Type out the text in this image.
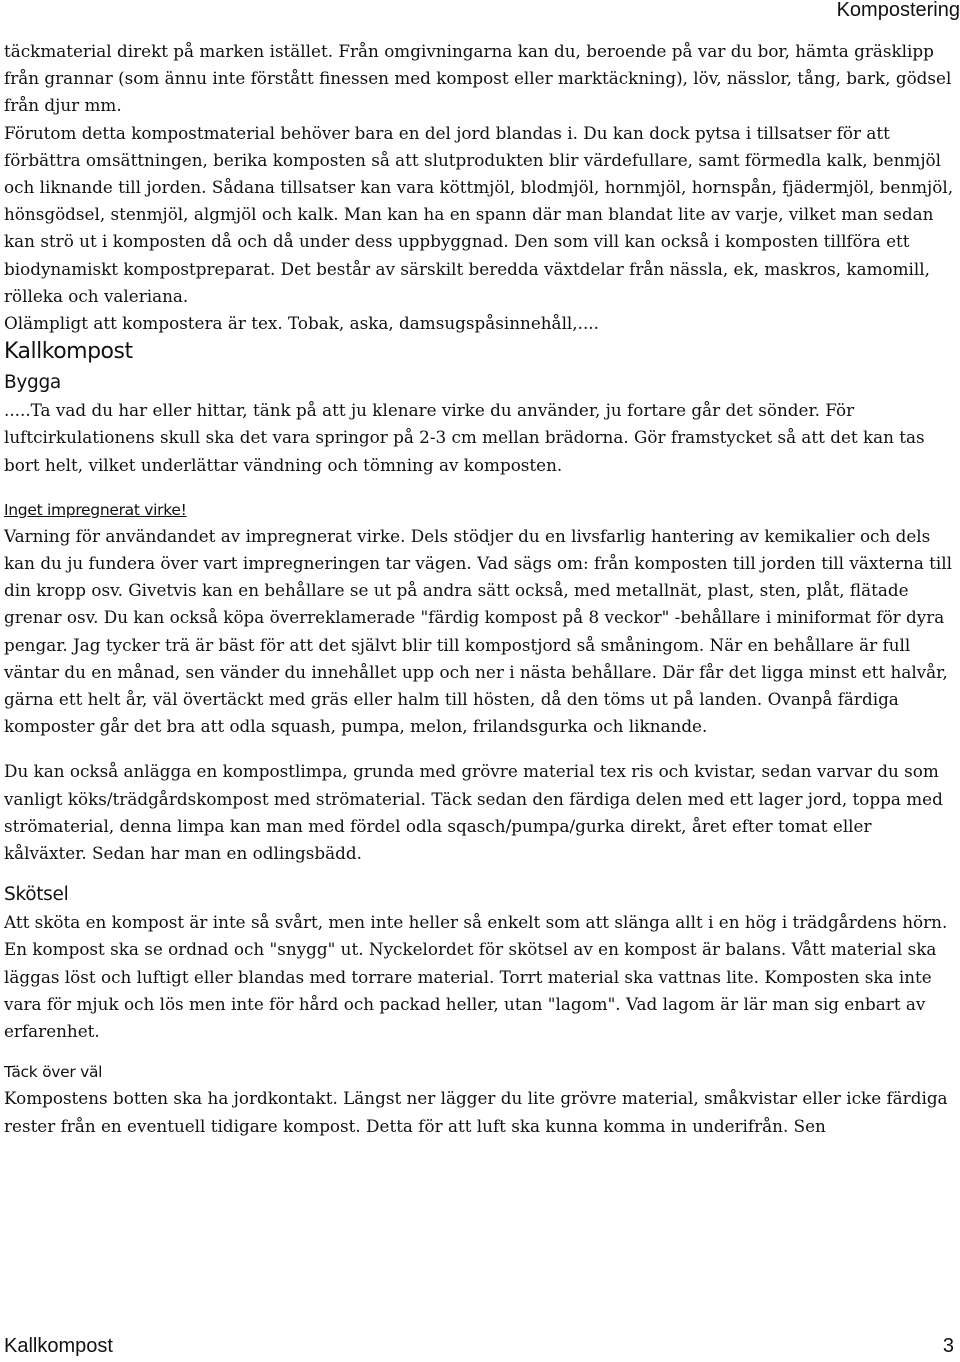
Kompostering

täckmaterial direkt på marken istället. Från omgivningarna kan du, beroende på var du bor, hämta gräsklipp från grannar (som ännu inte förstått finessen med kompost eller marktäckning), löv, nässlor, tång, bark, gödsel från djur mm.

Förutom detta kompostmaterial behöver bara en del jord blandas i. Du kan dock pytsa i tillsatser för att förbättra omsättningen, berika komposten så att slutprodukten blir värdefullare, samt förmedla kalk, benmjöl och liknande till jorden. Sådana tillsatser kan vara köttmjöl, blodmjöl, hornmjöl, hornspån, fjädermjöl, benmjöl, hönsgödsel, stenmjöl, algmjöl och kalk. Man kan ha en spann där man blandat lite av varje, vilket man sedan kan strö ut i komposten då och då under dess uppbyggnad. Den som vill kan också i komposten tillföra ett biodynamiskt kompostpreparat. Det består av särskilt beredda växtdelar från nässla, ek, maskros, kamomill, rölleka och valeriana.

Olämpligt att kompostera är tex. Tobak, aska, damsugspåsinnehåll,....

Kallkompost

Bygga

.....Ta vad du har eller hittar, tänk på att ju klenare virke du använder, ju fortare går det sönder. För luftcirkulationens skull ska det vara springor på 2-3 cm mellan brädorna. Gör framstycket så att det kan tas bort helt, vilket underlättar vändning och tömning av komposten.

Inget impregnerat virke!

Varning för användandet av impregnerat virke. Dels stödjer du en livsfarlig hantering av kemikalier och dels kan du ju fundera över vart impregneringen tar vägen. Vad sägs om: från komposten till jorden till växterna till din kropp osv. Givetvis kan en behållare se ut på andra sätt också, med metallnät, plast, sten, plåt, flätade grenar osv. Du kan också köpa överreklamerade "färdig kompost på 8 veckor" -behållare i miniformat för dyra pengar. Jag tycker trä är bäst för att det självt blir till kompostjord så småningom. När en behållare är full väntar du en månad, sen vänder du innehållet upp och ner i nästa behållare. Där får det ligga minst ett halvår, gärna ett helt år, väl övertäckt med gräs eller halm till hösten, då den töms ut på landen. Ovanpå färdiga komposter går det bra att odla squash, pumpa, melon, frilandsgurka och liknande.

Du kan också anlägga en kompostlimpa, grunda med grövre material tex ris och kvistar, sedan varvar du som vanligt köks/trädgårdskompost med strömaterial. Täck sedan den färdiga delen med ett lager jord, toppa med strömaterial, denna limpa kan man med fördel odla sqasch/pumpa/gurka direkt, året efter tomat eller kålväxter. Sedan har man en odlingsbädd.

Skötsel

Att sköta en kompost är inte så svårt, men inte heller så enkelt som att slänga allt i en hög i trädgårdens hörn. En kompost ska se ordnad och "snygg" ut. Nyckelordet för skötsel av en kompost är balans. Vått material ska läggas löst och luftigt eller blandas med torrare material. Torrt material ska vattnas lite. Komposten ska inte vara för mjuk och lös men inte för hård och packad heller, utan "lagom". Vad lagom är lär man sig enbart av erfarenhet.

Täck över väl

Kompostens botten ska ha jordkontakt. Längst ner lägger du lite grövre material, småkvistar eller icke färdiga rester från en eventuell tidigare kompost. Detta för att luft ska kunna komma in underifrån. Sen

Kallkompost	3
